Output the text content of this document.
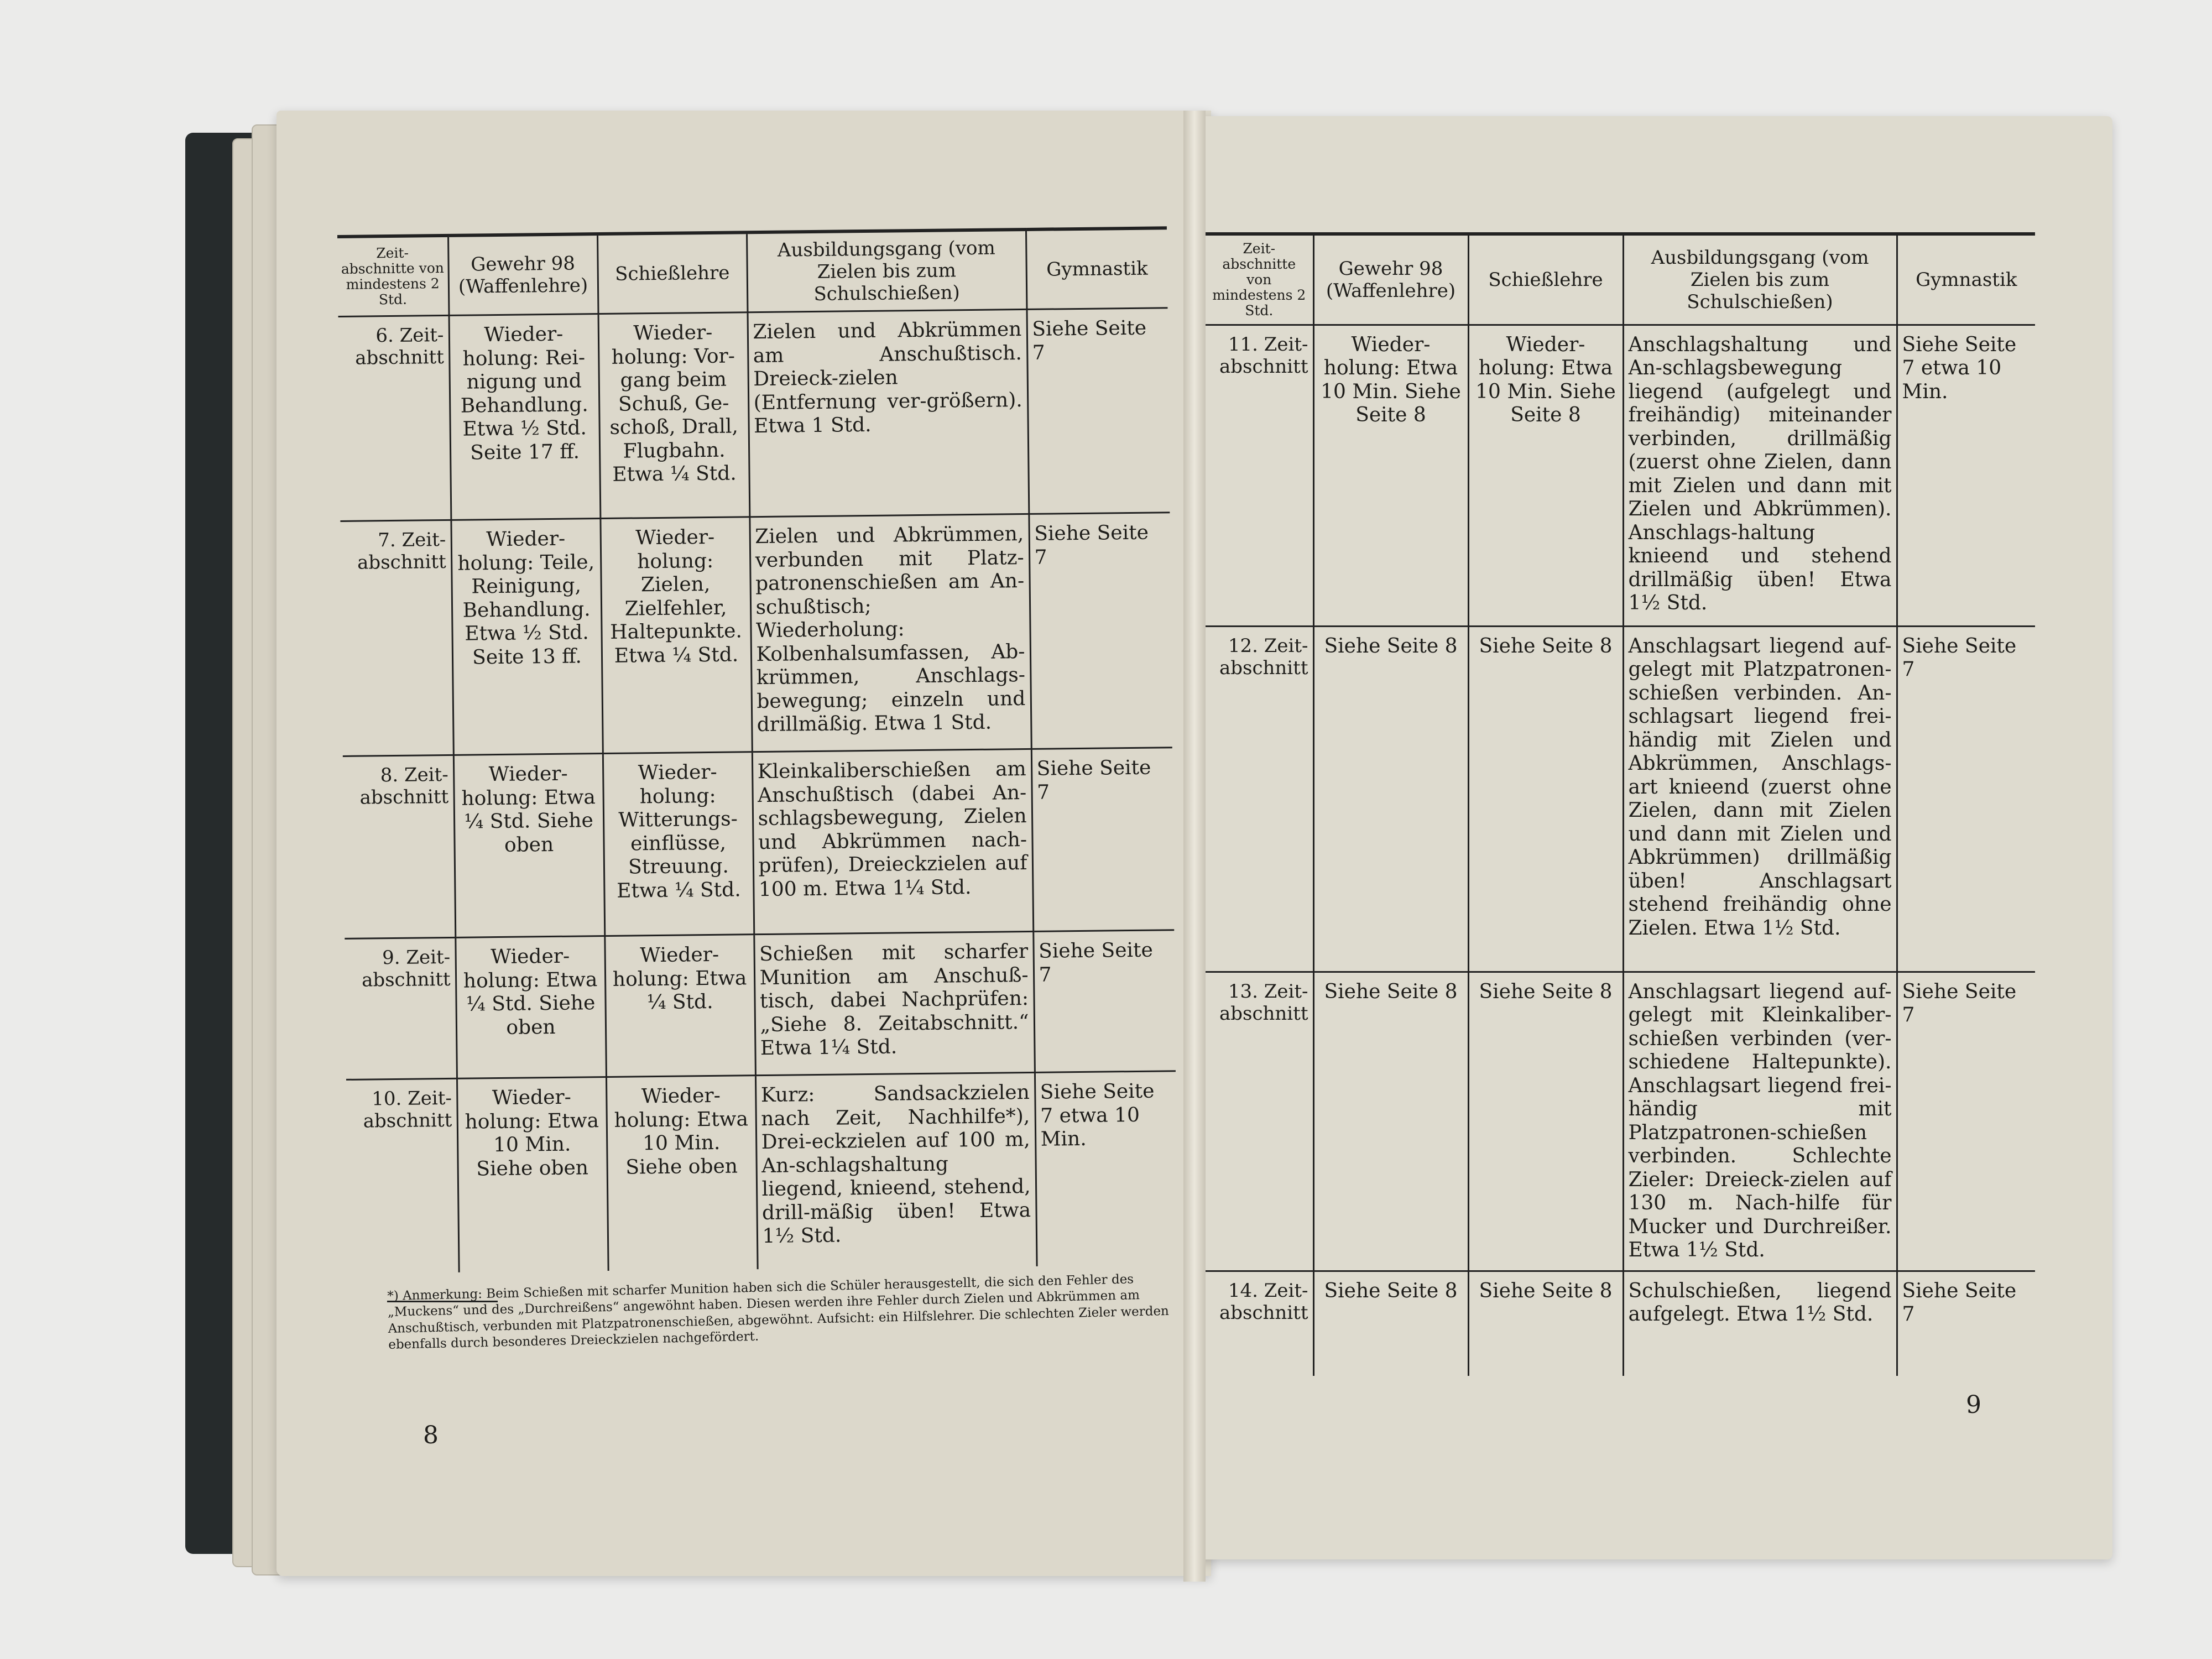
Zeit-abschnitte von mindestens 2 Std.	Gewehr 98 (Waffenlehre)	Schießlehre	Ausbildungsgang (vom Zielen bis zum Schulschießen)	Gymnastik
6. Zeit-abschnitt	Wieder-holung: Rei-nigung und Behandlung. Etwa ½ Std. Seite 17 ff.	Wieder-holung: Vor-gang beim Schuß, Ge-schoß, Drall, Flugbahn. Etwa ¼ Std.	Zielen und Abkrümmen am Anschußtisch. Dreieck-zielen (Entfernung ver-größern). Etwa 1 Std.	Siehe Seite 7
7. Zeit-abschnitt	Wieder-holung: Teile, Reinigung, Behandlung. Etwa ½ Std. Seite 13 ff.	Wieder-holung: Zielen, Zielfehler, Haltepunkte. Etwa ¼ Std.	Zielen und Abkrümmen, verbunden mit Platz-patronenschießen am An-schußtisch; Wiederholung: Kolbenhalsumfassen, Ab-krümmen, Anschlags-bewegung; einzeln und drillmäßig. Etwa 1 Std.	Siehe Seite 7
8. Zeit-abschnitt	Wieder-holung: Etwa ¼ Std. Siehe oben	Wieder-holung: Witterungs-einflüsse, Streuung. Etwa ¼ Std.	Kleinkaliberschießen am Anschußtisch (dabei An-schlagsbewegung, Zielen und Abkrümmen nach-prüfen), Dreieckzielen auf 100 m. Etwa 1¼ Std.	Siehe Seite 7
9. Zeit-abschnitt	Wieder-holung: Etwa ¼ Std. Siehe oben	Wieder-holung: Etwa ¼ Std.	Schießen mit scharfer Munition am Anschuß-tisch, dabei Nachprüfen: „Siehe 8. Zeitabschnitt.“ Etwa 1¼ Std.	Siehe Seite 7
10. Zeit-abschnitt	Wieder-holung: Etwa 10 Min. Siehe oben	Wieder-holung: Etwa 10 Min. Siehe oben	Kurz: Sandsackzielen nach Zeit, Nachhilfe*), Drei-eckzielen auf 100 m, An-schlagshaltung liegend, knieend, stehend, drill-mäßig üben! Etwa 1½ Std.	Siehe Seite 7 etwa 10 Min.
*) Anmerkung: Beim Schießen mit scharfer Munition haben sich die Schüler herausgestellt, die sich den Fehler des „Muckens“ und des „Durchreißens“ angewöhnt haben. Diesen werden ihre Fehler durch Zielen und Abkrümmen am Anschußtisch, verbunden mit Platzpatronenschießen, abgewöhnt. Aufsicht: ein Hilfslehrer. Die schlechten Zieler werden ebenfalls durch besonderes Dreieckzielen nachgefördert.
8
Zeit-abschnitte von mindestens 2 Std.	Gewehr 98 (Waffenlehre)	Schießlehre	Ausbildungsgang (vom Zielen bis zum Schulschießen)	Gymnastik
11. Zeit-abschnitt	Wieder-holung: Etwa 10 Min. Siehe Seite 8	Wieder-holung: Etwa 10 Min. Siehe Seite 8	Anschlagshaltung und An-schlagsbewegung liegend (aufgelegt und freihändig) miteinander verbinden, drillmäßig (zuerst ohne Zielen, dann mit Zielen und dann mit Zielen und Abkrümmen). Anschlags-haltung knieend und stehend drillmäßig üben! Etwa 1½ Std.	Siehe Seite 7 etwa 10 Min.
12. Zeit-abschnitt	Siehe Seite 8	Siehe Seite 8	Anschlagsart liegend auf-gelegt mit Platzpatronen-schießen verbinden. An-schlagsart liegend frei-händig mit Zielen und Abkrümmen, Anschlags-art knieend (zuerst ohne Zielen, dann mit Zielen und dann mit Zielen und Abkrümmen) drillmäßig üben! Anschlagsart stehend freihändig ohne Zielen. Etwa 1½ Std.	Siehe Seite 7
13. Zeit-abschnitt	Siehe Seite 8	Siehe Seite 8	Anschlagsart liegend auf-gelegt mit Kleinkaliber-schießen verbinden (ver-schiedene Haltepunkte). Anschlagsart liegend frei-händig mit Platzpatronen-schießen verbinden. Schlechte Zieler: Dreieck-zielen auf 130 m. Nach-hilfe für Mucker und Durchreißer. Etwa 1½ Std.	Siehe Seite 7
14. Zeit-abschnitt	Siehe Seite 8	Siehe Seite 8	Schulschießen, liegend aufgelegt. Etwa 1½ Std.	Siehe Seite 7
9
